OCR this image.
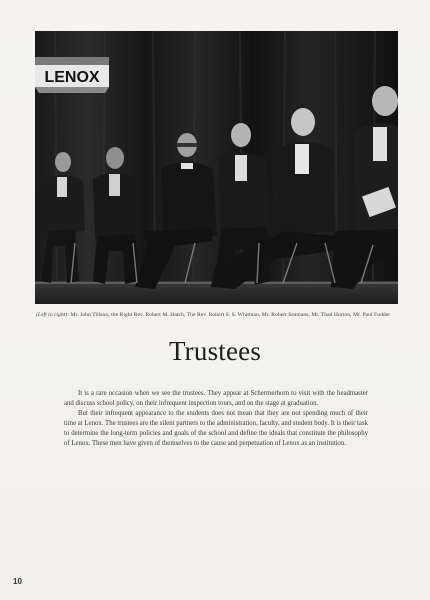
LENOX
(Left to right): Mr. John Tillson, the Right Rev. Robert M. Hatch, The Rev. Robert S. S. Whitman, Mr. Robert Seamans, Mr. Thad Horton, Mr. Paul Fodder
Trustees

It is a rare occasion when we see the trustees. They appear at Schermerhorn to visit with the headmaster and discuss school policy, on their infrequent inspection tours, and on the stage at graduation.

But their infrequent appearance to the students does not mean that they are not spending much of their time at Lenox. The trustees are the silent partners to the administration, faculty, and student body. It is their task to determine the long-term policies and goals of the school and define the ideals that constitute the philosophy of Lenox. These men have given of themselves to the cause and perpetuation of Lenox as an institution.

10
